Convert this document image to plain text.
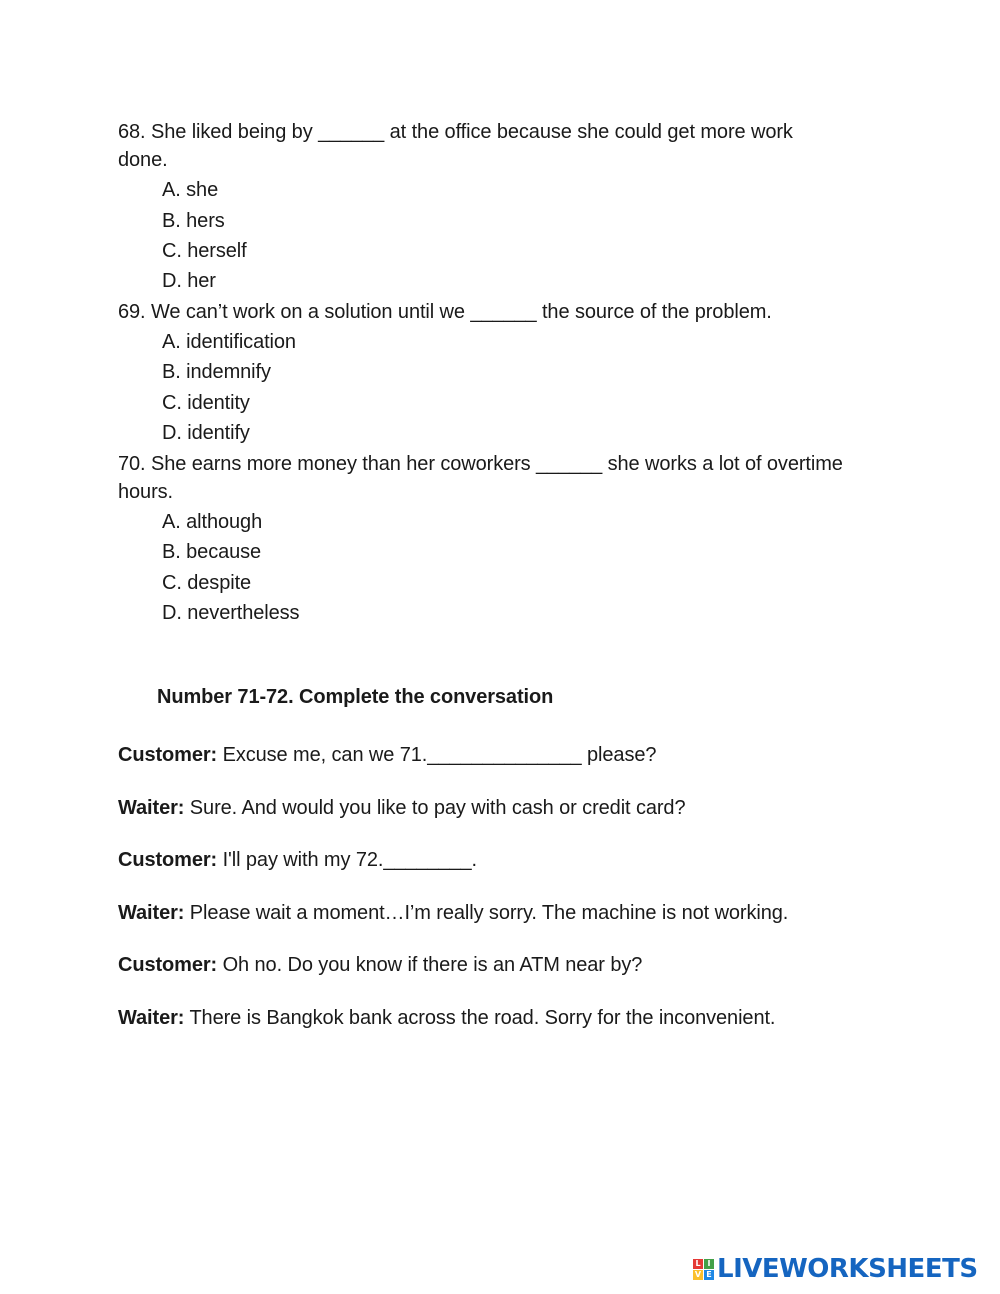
68. She liked being by ______ at the office because she could get more work
done.
A. she
B. hers
C. herself
D. her
69. We can’t work on a solution until we ______ the source of the problem.
A. identification
B. indemnify
C. identity
D. identify
70. She earns more money than her coworkers ______ she works a lot of overtime
hours.
A. although
B. because
C. despite
D. nevertheless
Number 71-72. Complete the conversation
Customer: Excuse me, can we 71.______________ please?
Waiter: Sure. And would you like to pay with cash or credit card?
Customer: I'll pay with my 72.________.
Waiter: Please wait a moment…I’m really sorry. The machine is not working.
Customer: Oh no. Do you know if there is an ATM near by?
Waiter: There is Bangkok bank across the road. Sorry for the inconvenient.
L I
V E LIVEWORKSHEETS
